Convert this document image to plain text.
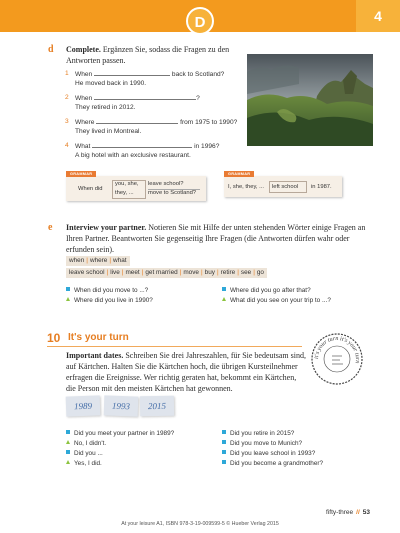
D	4
d Complete. Ergänzen Sie, sodass die Fragen zu den Antworten passen.
1 When	back to Scotland?
He moved back in 1990.
2 When	?
They retired in 2012.
3 Where	from 1975 to 1990?
They lived in Montreal.
4 What	in 1996?
A big hotel with an exclusive restaurant.
GRAMMAR
When did
you, she,
they, ...
leave school?
move to Scotland?
GRAMMAR
I, she, they, ... left school in 1987.
e Interview your partner. Notieren Sie mit Hilfe der unten stehenden Wörter einige Fragen an Ihren Partner. Beantworten Sie gegenseitig Ihre Fragen (die Antworten dürfen wahr oder erfunden sein).
when | where | what
leave school | live | meet | get married | move | buy | retire | see | go
When did you move to ...?
Where did you live in 1990?
Where did you go after that?
What did you see on your trip to ...?
10 It's your turn
it's your turn it's your turn
Important dates. Schreiben Sie drei Jahreszahlen, für Sie bedeutsam sind, auf Kärtchen. Halten Sie die Kärtchen hoch, die übrigen Kursteilnehmer erfragen die Ereignisse. Wer richtig geraten hat, bekommt ein Kärtchen, die Person mit den meisten Kärtchen hat gewonnen.
1989	1993	2015
Did you meet your partner in 1989?
No, I didn't.
Did you ...
Yes, I did.
Did you retire in 2015?
Did you move to Munich?
Did you leave school in 1993?
Did you become a grandmother?
fifty-three // 53
At your leisure A1, ISBN 978-3-19-009599-5 © Hueber Verlag 2015
